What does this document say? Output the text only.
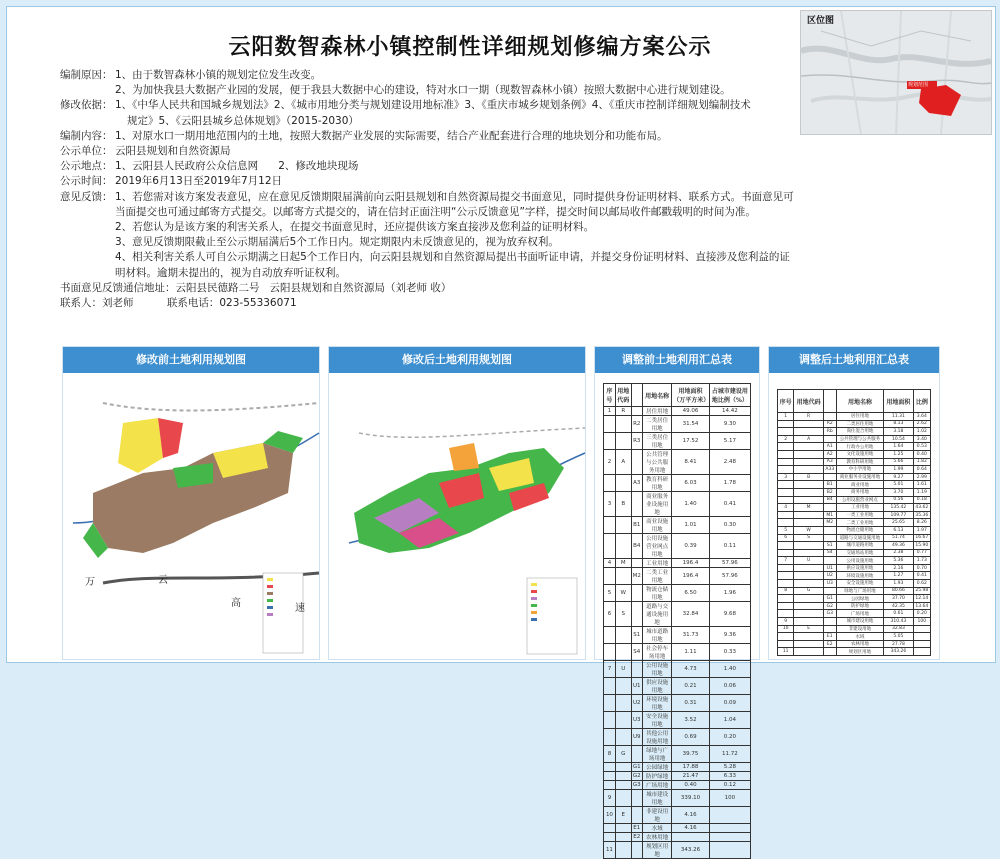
云阳数智森林小镇控制性详细规划修编方案公示
区位图
规划范围
编制原因： 1、由于数智森林小镇的规划定位发生改变。
2、为加快我县大数据产业园的发展，便于我县大数据中心的建设，特对水口一期（现数智森林小镇）按照大数据中心进行规划建设。
修改依据： 1、《中华人民共和国城乡规划法》2、《城市用地分类与规划建设用地标准》3、《重庆市城乡规划条例》4、《重庆市控制详细规划编制技术
规定》5、《云阳县城乡总体规划》（2015-2030）
编制内容： 1、对原水口一期用地范围内的土地，按照大数据产业发展的实际需要，结合产业配套进行合理的地块划分和功能布局。
公示单位： 云阳县规划和自然资源局
公示地点： 1、云阳县人民政府公众信息网      2、修改地块现场
公示时间： 2019年6月13日至2019年7月12日
意见反馈： 1、若您需对该方案发表意见，应在意见反馈期限届满前向云阳县规划和自然资源局提交书面意见，同时提供身份证明材料、联系方式。书面意见可当面提交也可通过邮寄方式提交。以邮寄方式提交的，请在信封正面注明“公示反馈意见”字样，提交时间以邮局收件邮戳载明的时间为准。
2、若您认为是该方案的利害关系人，在提交书面意见时，还应提供该方案直接涉及您利益的证明材料。
3、意见反馈期限截止至公示期届满后5个工作日内。规定期限内未反馈意见的，视为放弃权利。
4、相关利害关系人可自公示期满之日起5个工作日内，向云阳县规划和自然资源局提出书面听证申请，并提交身份证明材料、直接涉及您利益的证明材料。逾期未提出的，视为自动放弃听证权利。
书面意见反馈通信地址：云阳县民德路二号   云阳县规划和自然资源局（刘老师 收）
联系人：刘老师          联系电话：023-55336071
修改前土地利用规划图
万	云
高	速
修改后土地利用规划图	调整前土地利用汇总表
序号	用地代码		用地名称	用地面积（万平方米）	占城市建设用地比例（%）
1	R		居住用地	49.06	14.42
		R2	二类居住用地	31.54	9.30
		R3	三类居住用地	17.52	5.17
2	A		公共管理与公共服务用地	8.41	2.48
		A3	教育科研用地	6.03	1.78
3	B		商业服务业设施用地	1.40	0.41
		B1	商业设施用地	1.01	0.30
		B4	公用设施营业网点用地	0.39	0.11
4	M		工业用地	196.4	57.96
		M2	二类工业用地	196.4	57.96
5	W		物流仓储用地	6.50	1.96
6	S		道路与交通设施用地	32.84	9.68
		S1	城市道路用地	31.73	9.36
		S4	社会停车场用地	1.11	0.33
7	U		公用设施用地	4.73	1.40
		U1	供应设施用地	0.21	0.06
		U2	环境设施用地	0.31	0.09
		U3	安全设施用地	3.52	1.04
		U9	其他公用设施用地	0.69	0.20
8	G		绿地与广场用地	39.75	11.72
		G1	公园绿地	17.88	5.28
		G2	防护绿地	21.47	6.33
		G3	广场用地	0.40	0.12
9			城市建设用地	339.10	100
10	E		非建设用地	4.16	
		E1	水域	4.16	
		E2	农林用地		
11			规划区用地	343.26	
调整后土地利用汇总表
序号	用地代码		用地名称	用地面积	比例
1	R		居住用地	11.31	3.64
		R2	二类居住用地	8.13	2.62
		Rb	商住混合用地	3.18	1.02
2	A		公共管理与公共服务	10.54	3.40
		A1	行政办公用地	1.64	0.53
		A2	文化设施用地	1.25	0.40
		A3	教育科研用地	5.66	1.82
		A33	中小学用地	1.99	0.64
3	B		商业服务业设施用地	9.27	2.99
		B1	商业用地	5.01	1.61
		B2	商务用地	3.70	1.19
		B4	公用设施营业网点	0.56	0.18
4	M		工业用地	135.42	43.62
		M1	一类工业用地	109.77	35.36
		M2	二类工业用地	25.65	8.26
5	W		物流仓储用地	6.13	1.97
6	S		道路与交通设施用地	51.74	16.67
		S1	城市道路用地	49.36	15.90
		S4	交通场站用地	2.38	0.77
7	U		公用设施用地	5.36	1.73
		U1	供应设施用地	2.16	0.70
		U2	环境设施用地	1.27	0.41
		U3	安全设施用地	1.93	0.62
8	G		绿地与广场用地	80.66	25.98
		G1	公园绿地	37.70	12.14
		G2	防护绿地	42.35	13.64
		G3	广场用地	0.61	0.20
9			城市建设用地	310.43	100
10	E		非建设用地	32.83	
		E1	水域	5.05	
		E2	农林用地	27.78	
11			规划区用地	343.26	
